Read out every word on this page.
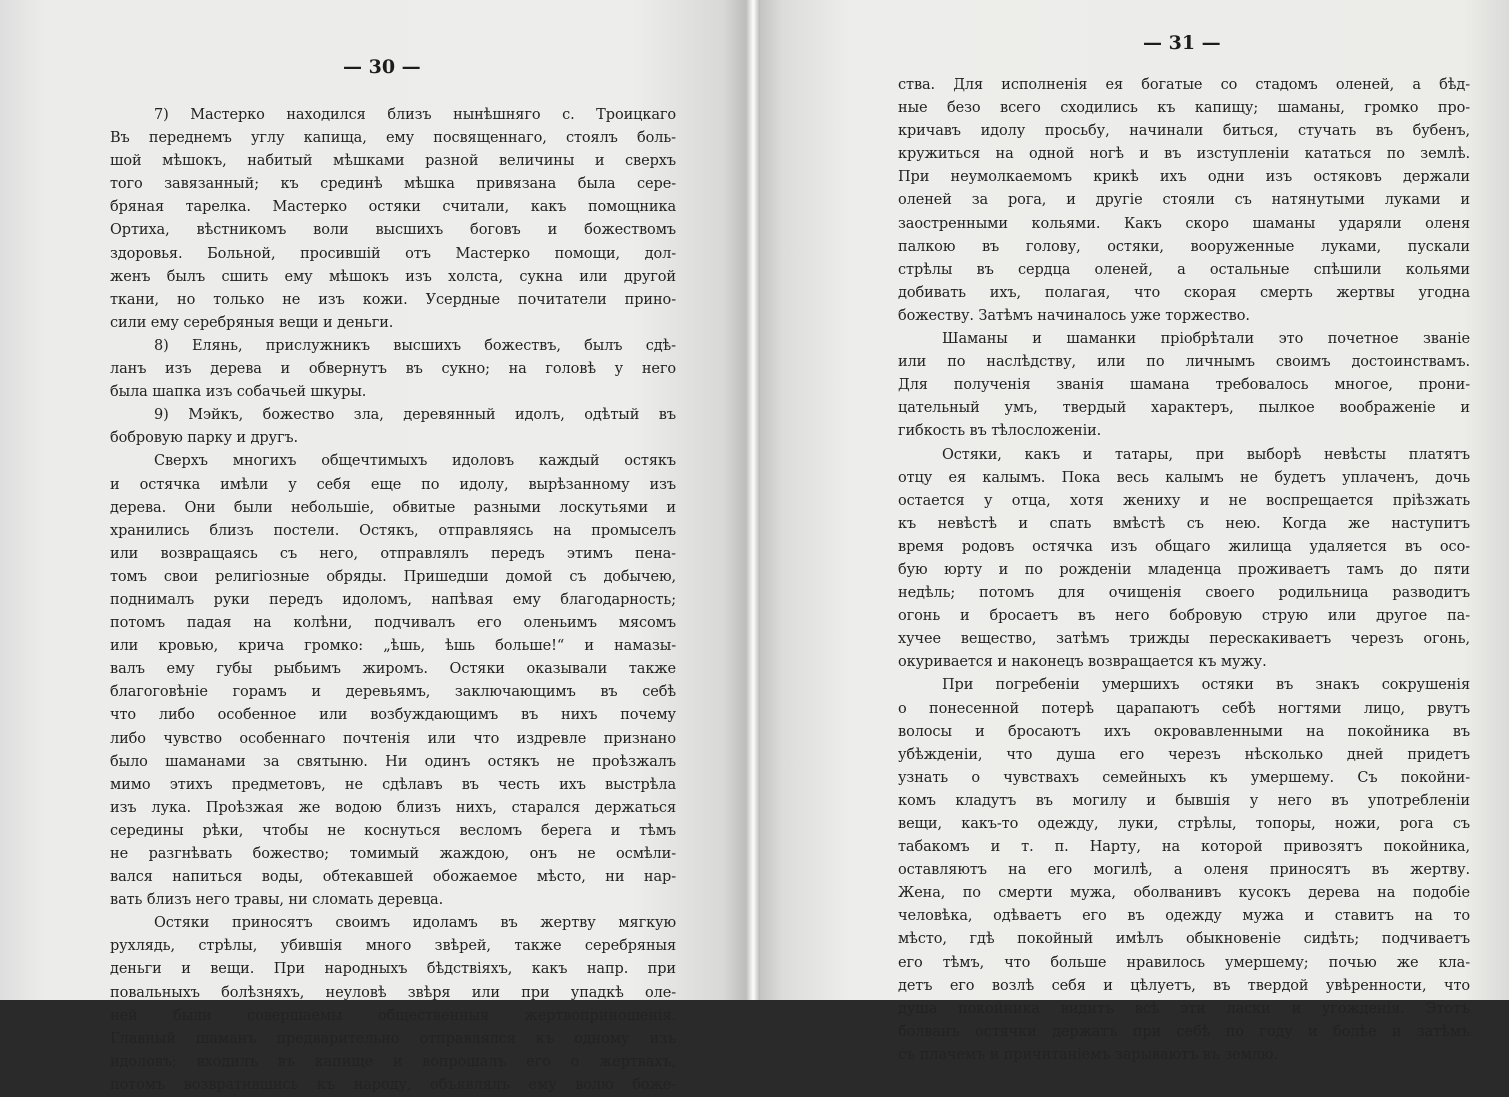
— 30 —
7) Мастерко находился близъ нынѣшняго с. Троицкаго
Въ переднемъ углу капища, ему посвященнаго, стоялъ боль-
шой мѣшокъ, набитый мѣшками разной величины и сверхъ
того завязанный; къ срединѣ мѣшка привязана была сере-
бряная тарелка. Мастерко остяки считали, какъ помощника
Ортиха, вѣстникомъ воли высшихъ боговъ и божествомъ
здоровья. Больной, просившій отъ Мастерко помощи, дол-
женъ былъ сшить ему мѣшокъ изъ холста, сукна или другой
ткани, но только не изъ кожи. Усердные почитатели прино-
сили ему серебряныя вещи и деньги.
8) Елянь, прислужникъ высшихъ божествъ, былъ сдѣ-
ланъ изъ дерева и обвернутъ въ сукно; на головѣ у него
была шапка изъ собачьей шкуры.
9) Мэйкъ, божество зла, деревянный идолъ, одѣтый въ
бобровую парку и другъ.
Сверхъ многихъ общечтимыхъ идоловъ каждый остякъ
и остячка имѣли у себя еще по идолу, вырѣзанному изъ
дерева. Они были небольшіе, обвитые разными лоскутьями и
хранились близъ постели. Остякъ, отправляясь на промыселъ
или возвращаясь съ него, отправлялъ передъ этимъ пена-
томъ свои религіозные обряды. Пришедши домой съ добычею,
поднималъ руки передъ идоломъ, напѣвая ему благодарность;
потомъ падая на колѣни, подчивалъ его оленьимъ мясомъ
или кровью, крича громко: „ѣшь, ѣшь больше!“ и намазы-
валъ ему губы рыбьимъ жиромъ. Остяки оказывали также
благоговѣніе горамъ и деревьямъ, заключающимъ въ себѣ
что либо особенное или возбуждающимъ въ нихъ почему
либо чувство особеннаго почтенія или что издревле признано
было шаманами за святыню. Ни одинъ остякъ не проѣзжалъ
мимо этихъ предметовъ, не сдѣлавъ въ честь ихъ выстрѣла
изъ лука. Проѣзжая же водою близъ нихъ, старался держаться
середины рѣки, чтобы не коснуться весломъ берега и тѣмъ
не разгнѣвать божество; томимый жаждою, онъ не осмѣли-
вался напиться воды, обтекавшей обожаемое мѣсто, ни нар-
вать близъ него травы, ни сломать деревца.
Остяки приносятъ своимъ идоламъ въ жертву мягкую
рухлядь, стрѣлы, убившія много звѣрей, также серебряныя
деньги и вещи. При народныхъ бѣдствіяхъ, какъ напр. при
повальныхъ болѣзняхъ, неуловѣ звѣря или при упадкѣ оле-
ней были совершаемы общественныя жертвоприношенія.
Главный шаманъ предварительно отправлялся къ одному изъ
идоловъ; входилъ въ капище и вопрошалъ его о жертвахъ,
потомъ возвратившись къ народу, объявлялъ ему волю боже-
— 31 —
ства. Для исполненія ея богатые со стадомъ оленей, а бѣд-
ные безо всего сходились къ капищу; шаманы, громко про-
кричавъ идолу просьбу, начинали биться, стучать въ бубенъ,
кружиться на одной ногѣ и въ изступленіи кататься по землѣ.
При неумолкаемомъ крикѣ ихъ одни изъ остяковъ держали
оленей за рога, и другіе стояли съ натянутыми луками и
заостренными кольями. Какъ скоро шаманы ударяли оленя
палкою въ голову, остяки, вооруженные луками, пускали
стрѣлы въ сердца оленей, а остальные спѣшили кольями
добивать ихъ, полагая, что скорая смерть жертвы угодна
божеству. Затѣмъ начиналось уже торжество.
Шаманы и шаманки пріобрѣтали это почетное званіе
или по наслѣдству, или по личнымъ своимъ достоинствамъ.
Для полученія званія шамана требовалось многое, прони-
цательный умъ, твердый характеръ, пылкое воображеніе и
гибкость въ тѣлосложеніи.
Остяки, какъ и татары, при выборѣ невѣсты платятъ
отцу ея калымъ. Пока весь калымъ не будетъ уплаченъ, дочь
остается у отца, хотя жениху и не воспрещается пріѣзжать
къ невѣстѣ и спать вмѣстѣ съ нею. Когда же наступитъ
время родовъ остячка изъ общаго жилища удаляется въ осо-
бую юрту и по рожденіи младенца проживаетъ тамъ до пяти
недѣль; потомъ для очищенія своего родильница разводитъ
огонь и бросаетъ въ него бобровую струю или другое па-
хучее вещество, затѣмъ трижды перескакиваетъ черезъ огонь,
окуривается и наконецъ возвращается къ мужу.
При погребеніи умершихъ остяки въ знакъ сокрушенія
о понесенной потерѣ царапаютъ себѣ ногтями лицо, рвутъ
волосы и бросаютъ ихъ окровавленными на покойника въ
убѣжденіи, что душа его черезъ нѣсколько дней придетъ
узнать о чувствахъ семейныхъ къ умершему. Съ покойни-
комъ кладутъ въ могилу и бывшія у него въ употребленіи
вещи, какъ-то одежду, луки, стрѣлы, топоры, ножи, рога съ
табакомъ и т. п. Нарту, на которой привозятъ покойника,
оставляютъ на его могилѣ, а оленя приносятъ въ жертву.
Жена, по смерти мужа, оболванивъ кусокъ дерева на подобіе
человѣка, одѣваетъ его въ одежду мужа и ставитъ на то
мѣсто, гдѣ покойный имѣлъ обыкновеніе сидѣть; подчиваетъ
его тѣмъ, что больше нравилось умершему; почью же кла-
детъ его возлѣ себя и цѣлуетъ, въ твердой увѣренности, что
душа покойника видитъ всѣ эти ласки и угожденія. Этотъ
болванъ остячки держатъ при себѣ по году и болѣе и затѣмъ
съ плачемъ и причитаніемъ зарываютъ въ землю.
